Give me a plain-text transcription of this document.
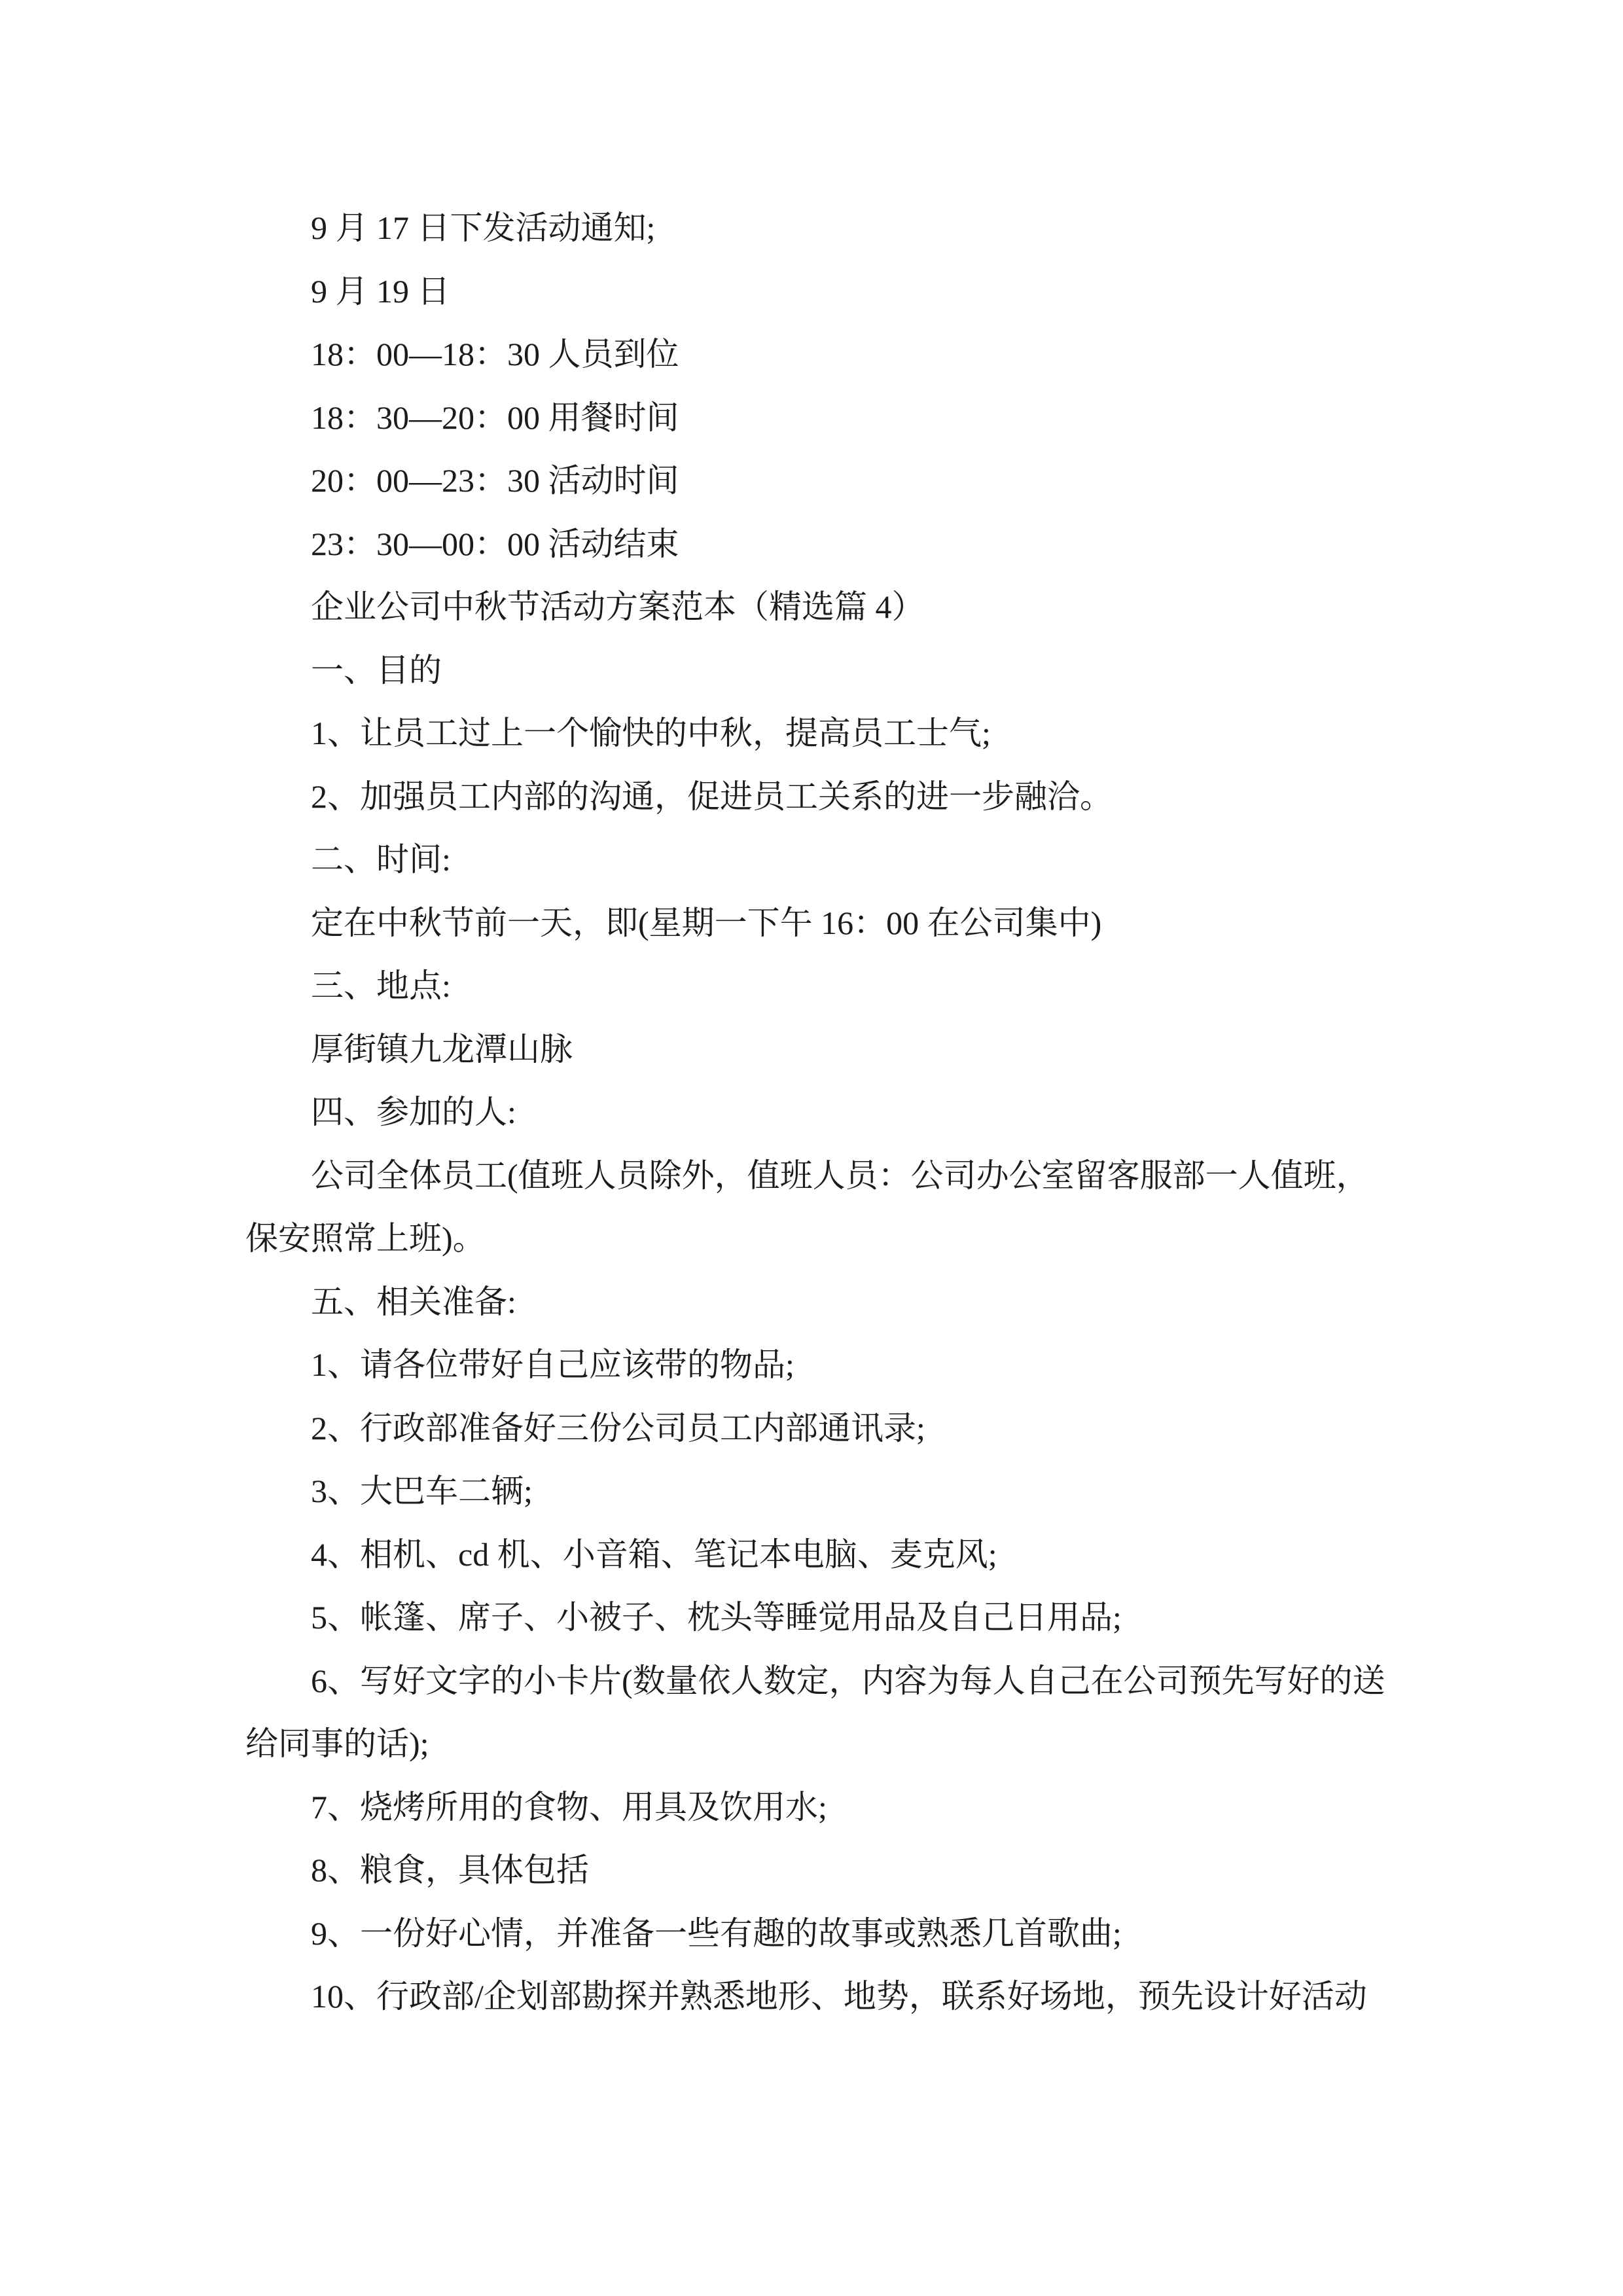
9 月 17 日下发活动通知;
9 月 19 日
18：00—18：30 人员到位
18：30—20：00 用餐时间
20：00—23：30 活动时间
23：30—00：00 活动结束
企业公司中秋节活动方案范本（精选篇 4）
一、目的
1、让员工过上一个愉快的中秋，提高员工士气;
2、加强员工内部的沟通，促进员工关系的进一步融洽。
二、时间:
定在中秋节前一天，即(星期一下午 16：00 在公司集中)
三、地点:
厚街镇九龙潭山脉
四、参加的人:
公司全体员工(值班人员除外，值班人员：公司办公室留客服部一人值班，
保安照常上班)。
五、相关准备:
1、请各位带好自己应该带的物品;
2、行政部准备好三份公司员工内部通讯录;
3、大巴车二辆;
4、相机、cd 机、小音箱、笔记本电脑、麦克风;
5、帐篷、席子、小被子、枕头等睡觉用品及自己日用品;
6、写好文字的小卡片(数量依人数定，内容为每人自己在公司预先写好的送
给同事的话);
7、烧烤所用的食物、用具及饮用水;
8、粮食，具体包括
9、一份好心情，并准备一些有趣的故事或熟悉几首歌曲;
10、行政部/企划部勘探并熟悉地形、地势，联系好场地，预先设计好活动
